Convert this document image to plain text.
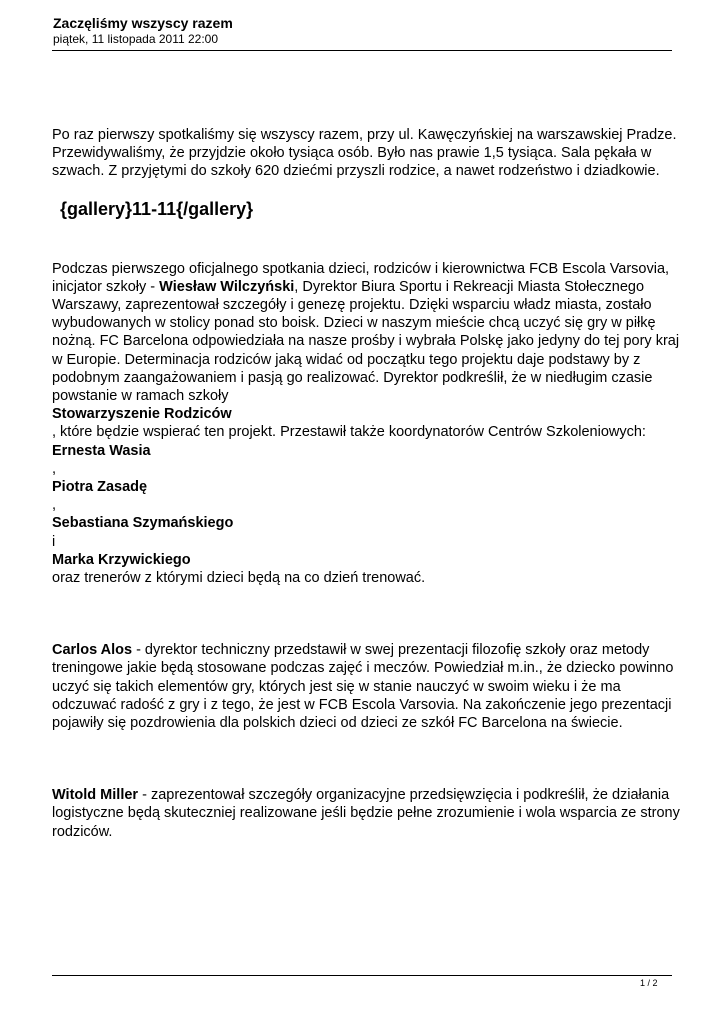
Zaczęliśmy wszyscy razem
piątek, 11 listopada 2011 22:00

Po raz pierwszy spotkaliśmy się wszyscy razem, przy ul. Kawęczyńskiej na warszawskiej Pradze. Przewidywaliśmy, że przyjdzie około tysiąca osób. Było nas prawie 1,5 tysiąca. Sala pękała w szwach. Z przyjętymi do szkoły 620 dziećmi przyszli rodzice, a nawet rodzeństwo i dziadkowie.

{gallery}11-11{/gallery}

Podczas pierwszego oficjalnego spotkania dzieci, rodziców i kierownictwa FCB Escola Varsovia, inicjator szkoły - Wiesław Wilczyński, Dyrektor Biura Sportu i Rekreacji Miasta Stołecznego Warszawy, zaprezentował szczegóły i genezę projektu. Dzięki wsparciu władz miasta, zostało wybudowanych w stolicy ponad sto boisk. Dzieci w naszym mieście chcą uczyć się gry w piłkę nożną. FC Barcelona odpowiedziała na nasze prośby i wybrała Polskę jako jedyny do tej pory kraj w Europie. Determinacja rodziców jaką widać od początku tego projektu daje podstawy by z podobnym zaangażowaniem i pasją go realizować. Dyrektor podkreślił, że w niedługim czasie powstanie w ramach szkoły

Stowarzyszenie Rodziców

, które będzie wspierać ten projekt. Przestawił także koordynatorów Centrów Szkoleniowych:

Ernesta Wasia

,

Piotra Zasadę

,

Sebastiana Szymańskiego

i

Marka Krzywickiego

oraz trenerów z którymi dzieci będą na co dzień trenować.

Carlos Alos - dyrektor techniczny przedstawił w swej prezentacji filozofię szkoły oraz metody treningowe jakie będą stosowane podczas zajęć i meczów. Powiedział m.in., że dziecko powinno uczyć się takich elementów gry, których jest się w stanie nauczyć w swoim wieku i że ma odczuwać radość z gry i z tego, że jest w FCB Escola Varsovia. Na zakończenie jego prezentacji pojawiły się pozdrowienia dla polskich dzieci od dzieci ze szkół FC Barcelona na świecie.

Witold Miller - zaprezentował szczegóły organizacyjne przedsięwzięcia i podkreślił, że działania logistyczne będą skuteczniej realizowane jeśli będzie pełne zrozumienie i wola wsparcia ze strony rodziców.

1 / 2
